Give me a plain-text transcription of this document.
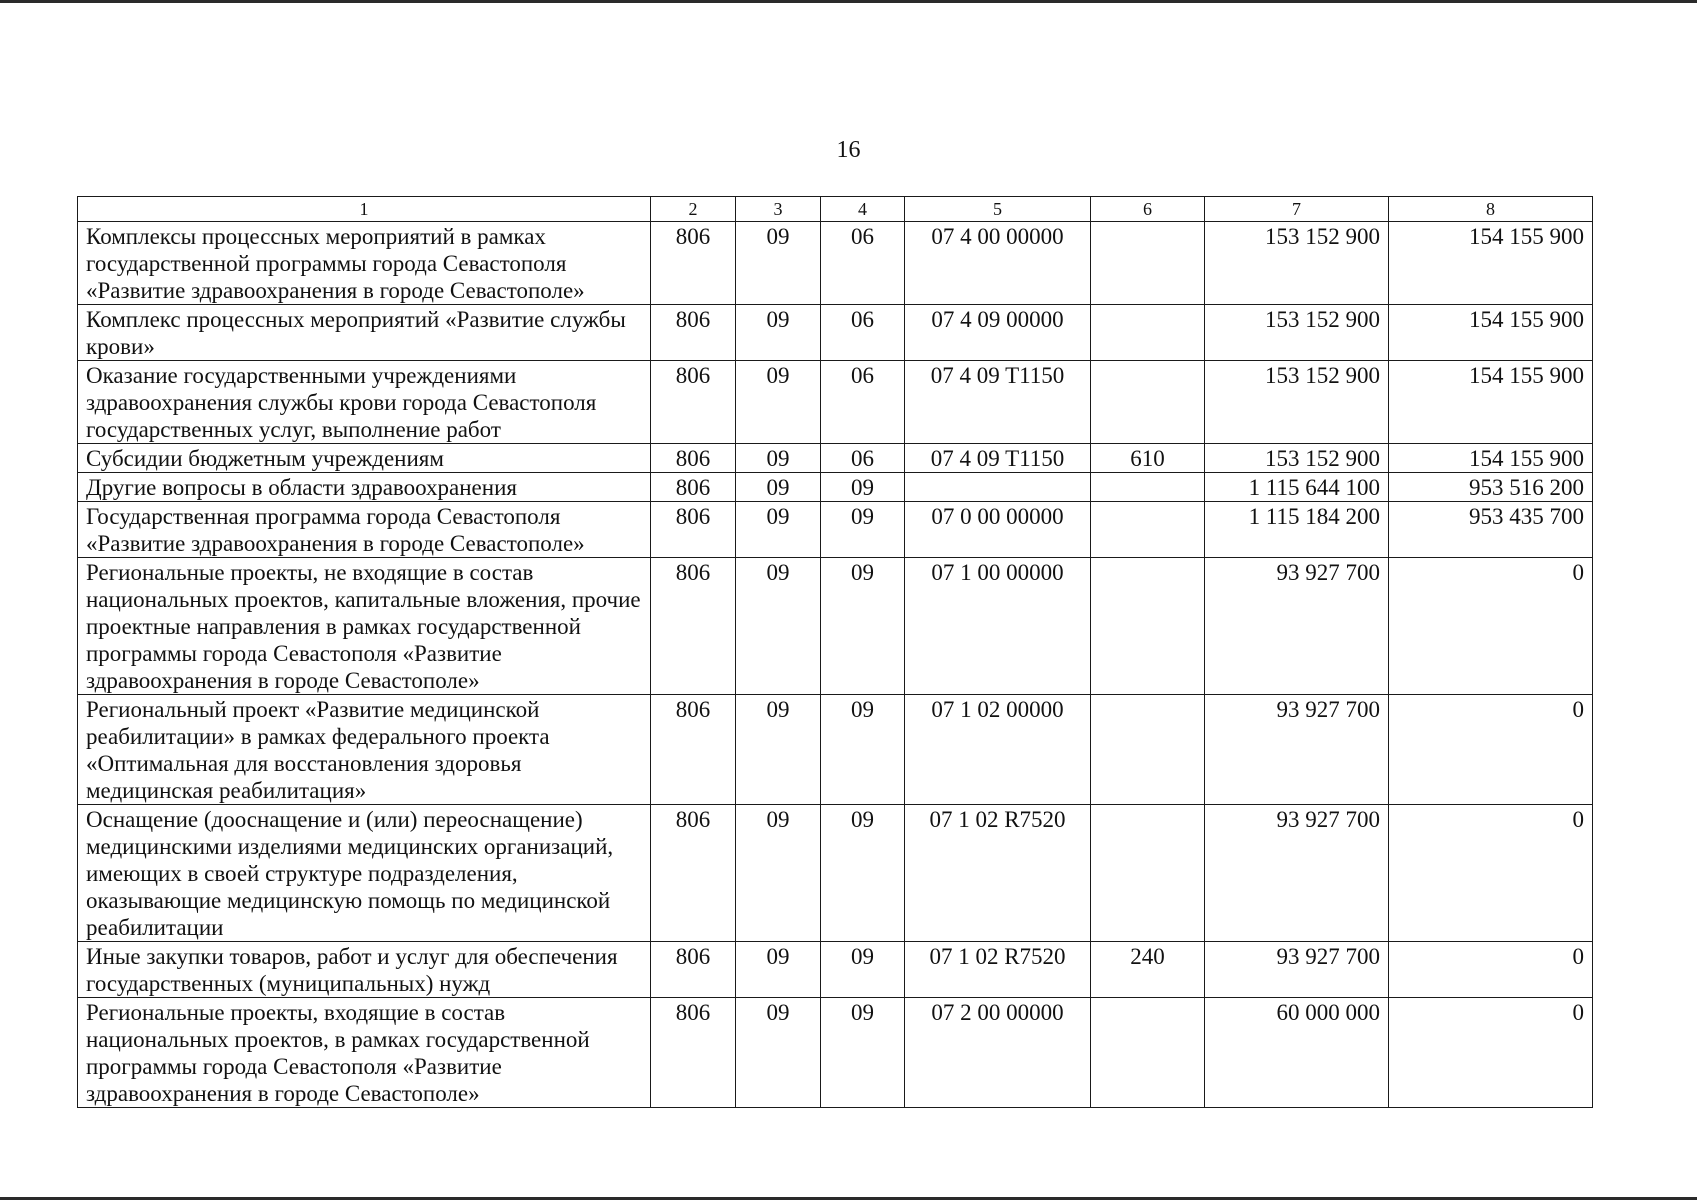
16
1	2	3	4	5	6	7	8
Комплексы процессных мероприятий в рамках государственной программы города Севастополя «Развитие здравоохранения в городе Севастополе»	806	09	06	07 4 00 00000		153 152 900	154 155 900
Комплекс процессных мероприятий «Развитие службы крови»	806	09	06	07 4 09 00000		153 152 900	154 155 900
Оказание государственными учреждениями здравоохранения службы крови города Севастополя государственных услуг, выполнение работ	806	09	06	07 4 09 T1150		153 152 900	154 155 900
Субсидии бюджетным учреждениям	806	09	06	07 4 09 T1150	610	153 152 900	154 155 900
Другие вопросы в области здравоохранения	806	09	09			1 115 644 100	953 516 200
Государственная программа города Севастополя «Развитие здравоохранения в городе Севастополе»	806	09	09	07 0 00 00000		1 115 184 200	953 435 700
Региональные проекты, не входящие в состав национальных проектов, капитальные вложения, прочие проектные направления в рамках государственной программы города Севастополя «Развитие здравоохранения в городе Севастополе»	806	09	09	07 1 00 00000		93 927 700	0
Региональный проект «Развитие медицинской реабилитации» в рамках федерального проекта «Оптимальная для восстановления здоровья медицинская реабилитация»	806	09	09	07 1 02 00000		93 927 700	0
Оснащение (дооснащение и (или) переоснащение) медицинскими изделиями медицинских организаций, имеющих в своей структуре подразделения, оказывающие медицинскую помощь по медицинской реабилитации	806	09	09	07 1 02 R7520		93 927 700	0
Иные закупки товаров, работ и услуг для обеспечения государственных (муниципальных) нужд	806	09	09	07 1 02 R7520	240	93 927 700	0
Региональные проекты, входящие в состав национальных проектов, в рамках государственной программы города Севастополя «Развитие здравоохранения в городе Севастополе»	806	09	09	07 2 00 00000		60 000 000	0
